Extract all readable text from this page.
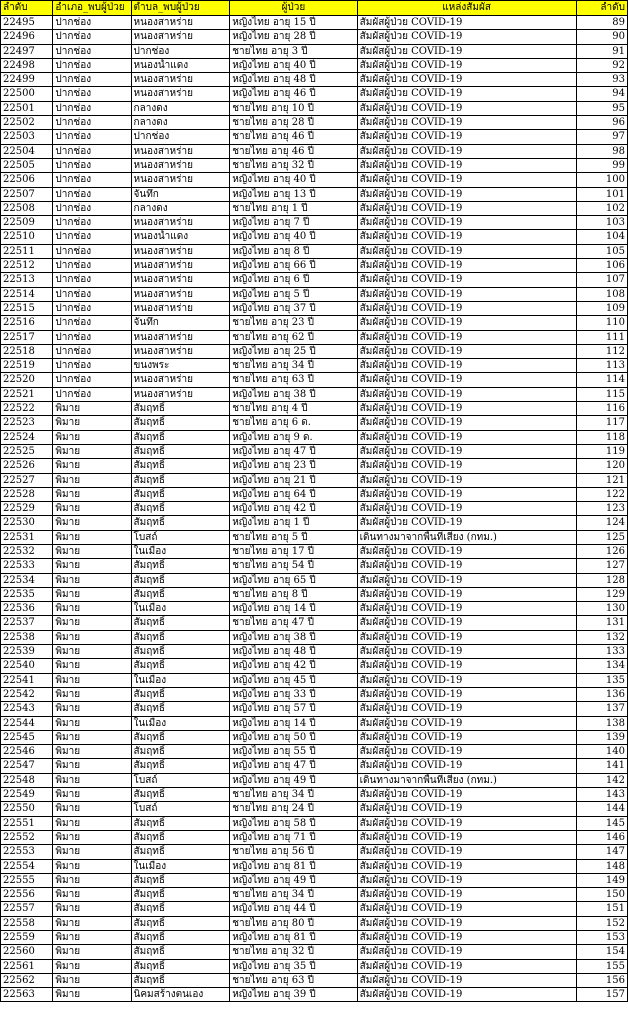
ลำดับ	อำเภอ_พบผู้ป่วย	ตำบล_พบผู้ป่วย	ผู้ป่วย	แหล่งสัมผัส	ลำดับ
22495	ปากช่อง	หนองสาหร่าย	หญิงไทย อายุ 15 ปี	สัมผัสผู้ป่วย COVID-19	89
22496	ปากช่อง	หนองสาหร่าย	หญิงไทย อายุ 28 ปี	สัมผัสผู้ป่วย COVID-19	90
22497	ปากช่อง	ปากช่อง	ชายไทย อายุ 3 ปี	สัมผัสผู้ป่วย COVID-19	91
22498	ปากช่อง	หนองน้ำแดง	หญิงไทย อายุ 40 ปี	สัมผัสผู้ป่วย COVID-19	92
22499	ปากช่อง	หนองสาหร่าย	หญิงไทย อายุ 48 ปี	สัมผัสผู้ป่วย COVID-19	93
22500	ปากช่อง	หนองสาหร่าย	หญิงไทย อายุ 46 ปี	สัมผัสผู้ป่วย COVID-19	94
22501	ปากช่อง	กลางดง	ชายไทย อายุ 10 ปี	สัมผัสผู้ป่วย COVID-19	95
22502	ปากช่อง	กลางดง	ชายไทย อายุ 28 ปี	สัมผัสผู้ป่วย COVID-19	96
22503	ปากช่อง	ปากช่อง	ชายไทย อายุ 46 ปี	สัมผัสผู้ป่วย COVID-19	97
22504	ปากช่อง	หนองสาหร่าย	ชายไทย อายุ 46 ปี	สัมผัสผู้ป่วย COVID-19	98
22505	ปากช่อง	หนองสาหร่าย	ชายไทย อายุ 32 ปี	สัมผัสผู้ป่วย COVID-19	99
22506	ปากช่อง	หนองสาหร่าย	หญิงไทย อายุ 40 ปี	สัมผัสผู้ป่วย COVID-19	100
22507	ปากช่อง	จันทึก	หญิงไทย อายุ 13 ปี	สัมผัสผู้ป่วย COVID-19	101
22508	ปากช่อง	กลางดง	ชายไทย อายุ 1 ปี	สัมผัสผู้ป่วย COVID-19	102
22509	ปากช่อง	หนองสาหร่าย	หญิงไทย อายุ 7 ปี	สัมผัสผู้ป่วย COVID-19	103
22510	ปากช่อง	หนองน้ำแดง	หญิงไทย อายุ 40 ปี	สัมผัสผู้ป่วย COVID-19	104
22511	ปากช่อง	หนองสาหร่าย	หญิงไทย อายุ 8 ปี	สัมผัสผู้ป่วย COVID-19	105
22512	ปากช่อง	หนองสาหร่าย	หญิงไทย อายุ 66 ปี	สัมผัสผู้ป่วย COVID-19	106
22513	ปากช่อง	หนองสาหร่าย	หญิงไทย อายุ 6 ปี	สัมผัสผู้ป่วย COVID-19	107
22514	ปากช่อง	หนองสาหร่าย	หญิงไทย อายุ 5 ปี	สัมผัสผู้ป่วย COVID-19	108
22515	ปากช่อง	หนองสาหร่าย	หญิงไทย อายุ 37 ปี	สัมผัสผู้ป่วย COVID-19	109
22516	ปากช่อง	จันทึก	ชายไทย อายุ 23 ปี	สัมผัสผู้ป่วย COVID-19	110
22517	ปากช่อง	หนองสาหร่าย	ชายไทย อายุ 62 ปี	สัมผัสผู้ป่วย COVID-19	111
22518	ปากช่อง	หนองสาหร่าย	หญิงไทย อายุ 25 ปี	สัมผัสผู้ป่วย COVID-19	112
22519	ปากช่อง	ขนงพระ	ชายไทย อายุ 34 ปี	สัมผัสผู้ป่วย COVID-19	113
22520	ปากช่อง	หนองสาหร่าย	ชายไทย อายุ 63 ปี	สัมผัสผู้ป่วย COVID-19	114
22521	ปากช่อง	หนองสาหร่าย	หญิงไทย อายุ 38 ปี	สัมผัสผู้ป่วย COVID-19	115
22522	พิมาย	สัมฤทธิ์	ชายไทย อายุ 4 ปี	สัมผัสผู้ป่วย COVID-19	116
22523	พิมาย	สัมฤทธิ์	ชายไทย อายุ 6 ด.	สัมผัสผู้ป่วย COVID-19	117
22524	พิมาย	สัมฤทธิ์	หญิงไทย อายุ 9 ด.	สัมผัสผู้ป่วย COVID-19	118
22525	พิมาย	สัมฤทธิ์	หญิงไทย อายุ 47 ปี	สัมผัสผู้ป่วย COVID-19	119
22526	พิมาย	สัมฤทธิ์	หญิงไทย อายุ 23 ปี	สัมผัสผู้ป่วย COVID-19	120
22527	พิมาย	สัมฤทธิ์	หญิงไทย อายุ 21 ปี	สัมผัสผู้ป่วย COVID-19	121
22528	พิมาย	สัมฤทธิ์	หญิงไทย อายุ 64 ปี	สัมผัสผู้ป่วย COVID-19	122
22529	พิมาย	สัมฤทธิ์	หญิงไทย อายุ 42 ปี	สัมผัสผู้ป่วย COVID-19	123
22530	พิมาย	สัมฤทธิ์	หญิงไทย อายุ 1 ปี	สัมผัสผู้ป่วย COVID-19	124
22531	พิมาย	โบสถ์	ชายไทย อายุ 5 ปี	เดินทางมาจากพื้นที่เสี่ยง (กทม.)	125
22532	พิมาย	ในเมือง	ชายไทย อายุ 17 ปี	สัมผัสผู้ป่วย COVID-19	126
22533	พิมาย	สัมฤทธิ์	ชายไทย อายุ 54 ปี	สัมผัสผู้ป่วย COVID-19	127
22534	พิมาย	สัมฤทธิ์	หญิงไทย อายุ 65 ปี	สัมผัสผู้ป่วย COVID-19	128
22535	พิมาย	สัมฤทธิ์	ชายไทย อายุ 8 ปี	สัมผัสผู้ป่วย COVID-19	129
22536	พิมาย	ในเมือง	หญิงไทย อายุ 14 ปี	สัมผัสผู้ป่วย COVID-19	130
22537	พิมาย	สัมฤทธิ์	ชายไทย อายุ 47 ปี	สัมผัสผู้ป่วย COVID-19	131
22538	พิมาย	สัมฤทธิ์	หญิงไทย อายุ 38 ปี	สัมผัสผู้ป่วย COVID-19	132
22539	พิมาย	สัมฤทธิ์	หญิงไทย อายุ 48 ปี	สัมผัสผู้ป่วย COVID-19	133
22540	พิมาย	สัมฤทธิ์	หญิงไทย อายุ 42 ปี	สัมผัสผู้ป่วย COVID-19	134
22541	พิมาย	ในเมือง	หญิงไทย อายุ 45 ปี	สัมผัสผู้ป่วย COVID-19	135
22542	พิมาย	สัมฤทธิ์	หญิงไทย อายุ 33 ปี	สัมผัสผู้ป่วย COVID-19	136
22543	พิมาย	สัมฤทธิ์	หญิงไทย อายุ 57 ปี	สัมผัสผู้ป่วย COVID-19	137
22544	พิมาย	ในเมือง	หญิงไทย อายุ 14 ปี	สัมผัสผู้ป่วย COVID-19	138
22545	พิมาย	สัมฤทธิ์	หญิงไทย อายุ 50 ปี	สัมผัสผู้ป่วย COVID-19	139
22546	พิมาย	สัมฤทธิ์	หญิงไทย อายุ 55 ปี	สัมผัสผู้ป่วย COVID-19	140
22547	พิมาย	สัมฤทธิ์	หญิงไทย อายุ 47 ปี	สัมผัสผู้ป่วย COVID-19	141
22548	พิมาย	โบสถ์	หญิงไทย อายุ 49 ปี	เดินทางมาจากพื้นที่เสี่ยง (กทม.)	142
22549	พิมาย	สัมฤทธิ์	ชายไทย อายุ 34 ปี	สัมผัสผู้ป่วย COVID-19	143
22550	พิมาย	โบสถ์	ชายไทย อายุ 24 ปี	สัมผัสผู้ป่วย COVID-19	144
22551	พิมาย	สัมฤทธิ์	หญิงไทย อายุ 58 ปี	สัมผัสผู้ป่วย COVID-19	145
22552	พิมาย	สัมฤทธิ์	หญิงไทย อายุ 71 ปี	สัมผัสผู้ป่วย COVID-19	146
22553	พิมาย	สัมฤทธิ์	ชายไทย อายุ 56 ปี	สัมผัสผู้ป่วย COVID-19	147
22554	พิมาย	ในเมือง	หญิงไทย อายุ 81 ปี	สัมผัสผู้ป่วย COVID-19	148
22555	พิมาย	สัมฤทธิ์	หญิงไทย อายุ 49 ปี	สัมผัสผู้ป่วย COVID-19	149
22556	พิมาย	สัมฤทธิ์	ชายไทย อายุ 34 ปี	สัมผัสผู้ป่วย COVID-19	150
22557	พิมาย	สัมฤทธิ์	หญิงไทย อายุ 44 ปี	สัมผัสผู้ป่วย COVID-19	151
22558	พิมาย	สัมฤทธิ์	ชายไทย อายุ 80 ปี	สัมผัสผู้ป่วย COVID-19	152
22559	พิมาย	สัมฤทธิ์	หญิงไทย อายุ 81 ปี	สัมผัสผู้ป่วย COVID-19	153
22560	พิมาย	สัมฤทธิ์	ชายไทย อายุ 32 ปี	สัมผัสผู้ป่วย COVID-19	154
22561	พิมาย	สัมฤทธิ์	หญิงไทย อายุ 35 ปี	สัมผัสผู้ป่วย COVID-19	155
22562	พิมาย	สัมฤทธิ์	ชายไทย อายุ 63 ปี	สัมผัสผู้ป่วย COVID-19	156
22563	พิมาย	นิคมสร้างตนเอง	หญิงไทย อายุ 39 ปี	สัมผัสผู้ป่วย COVID-19	157
